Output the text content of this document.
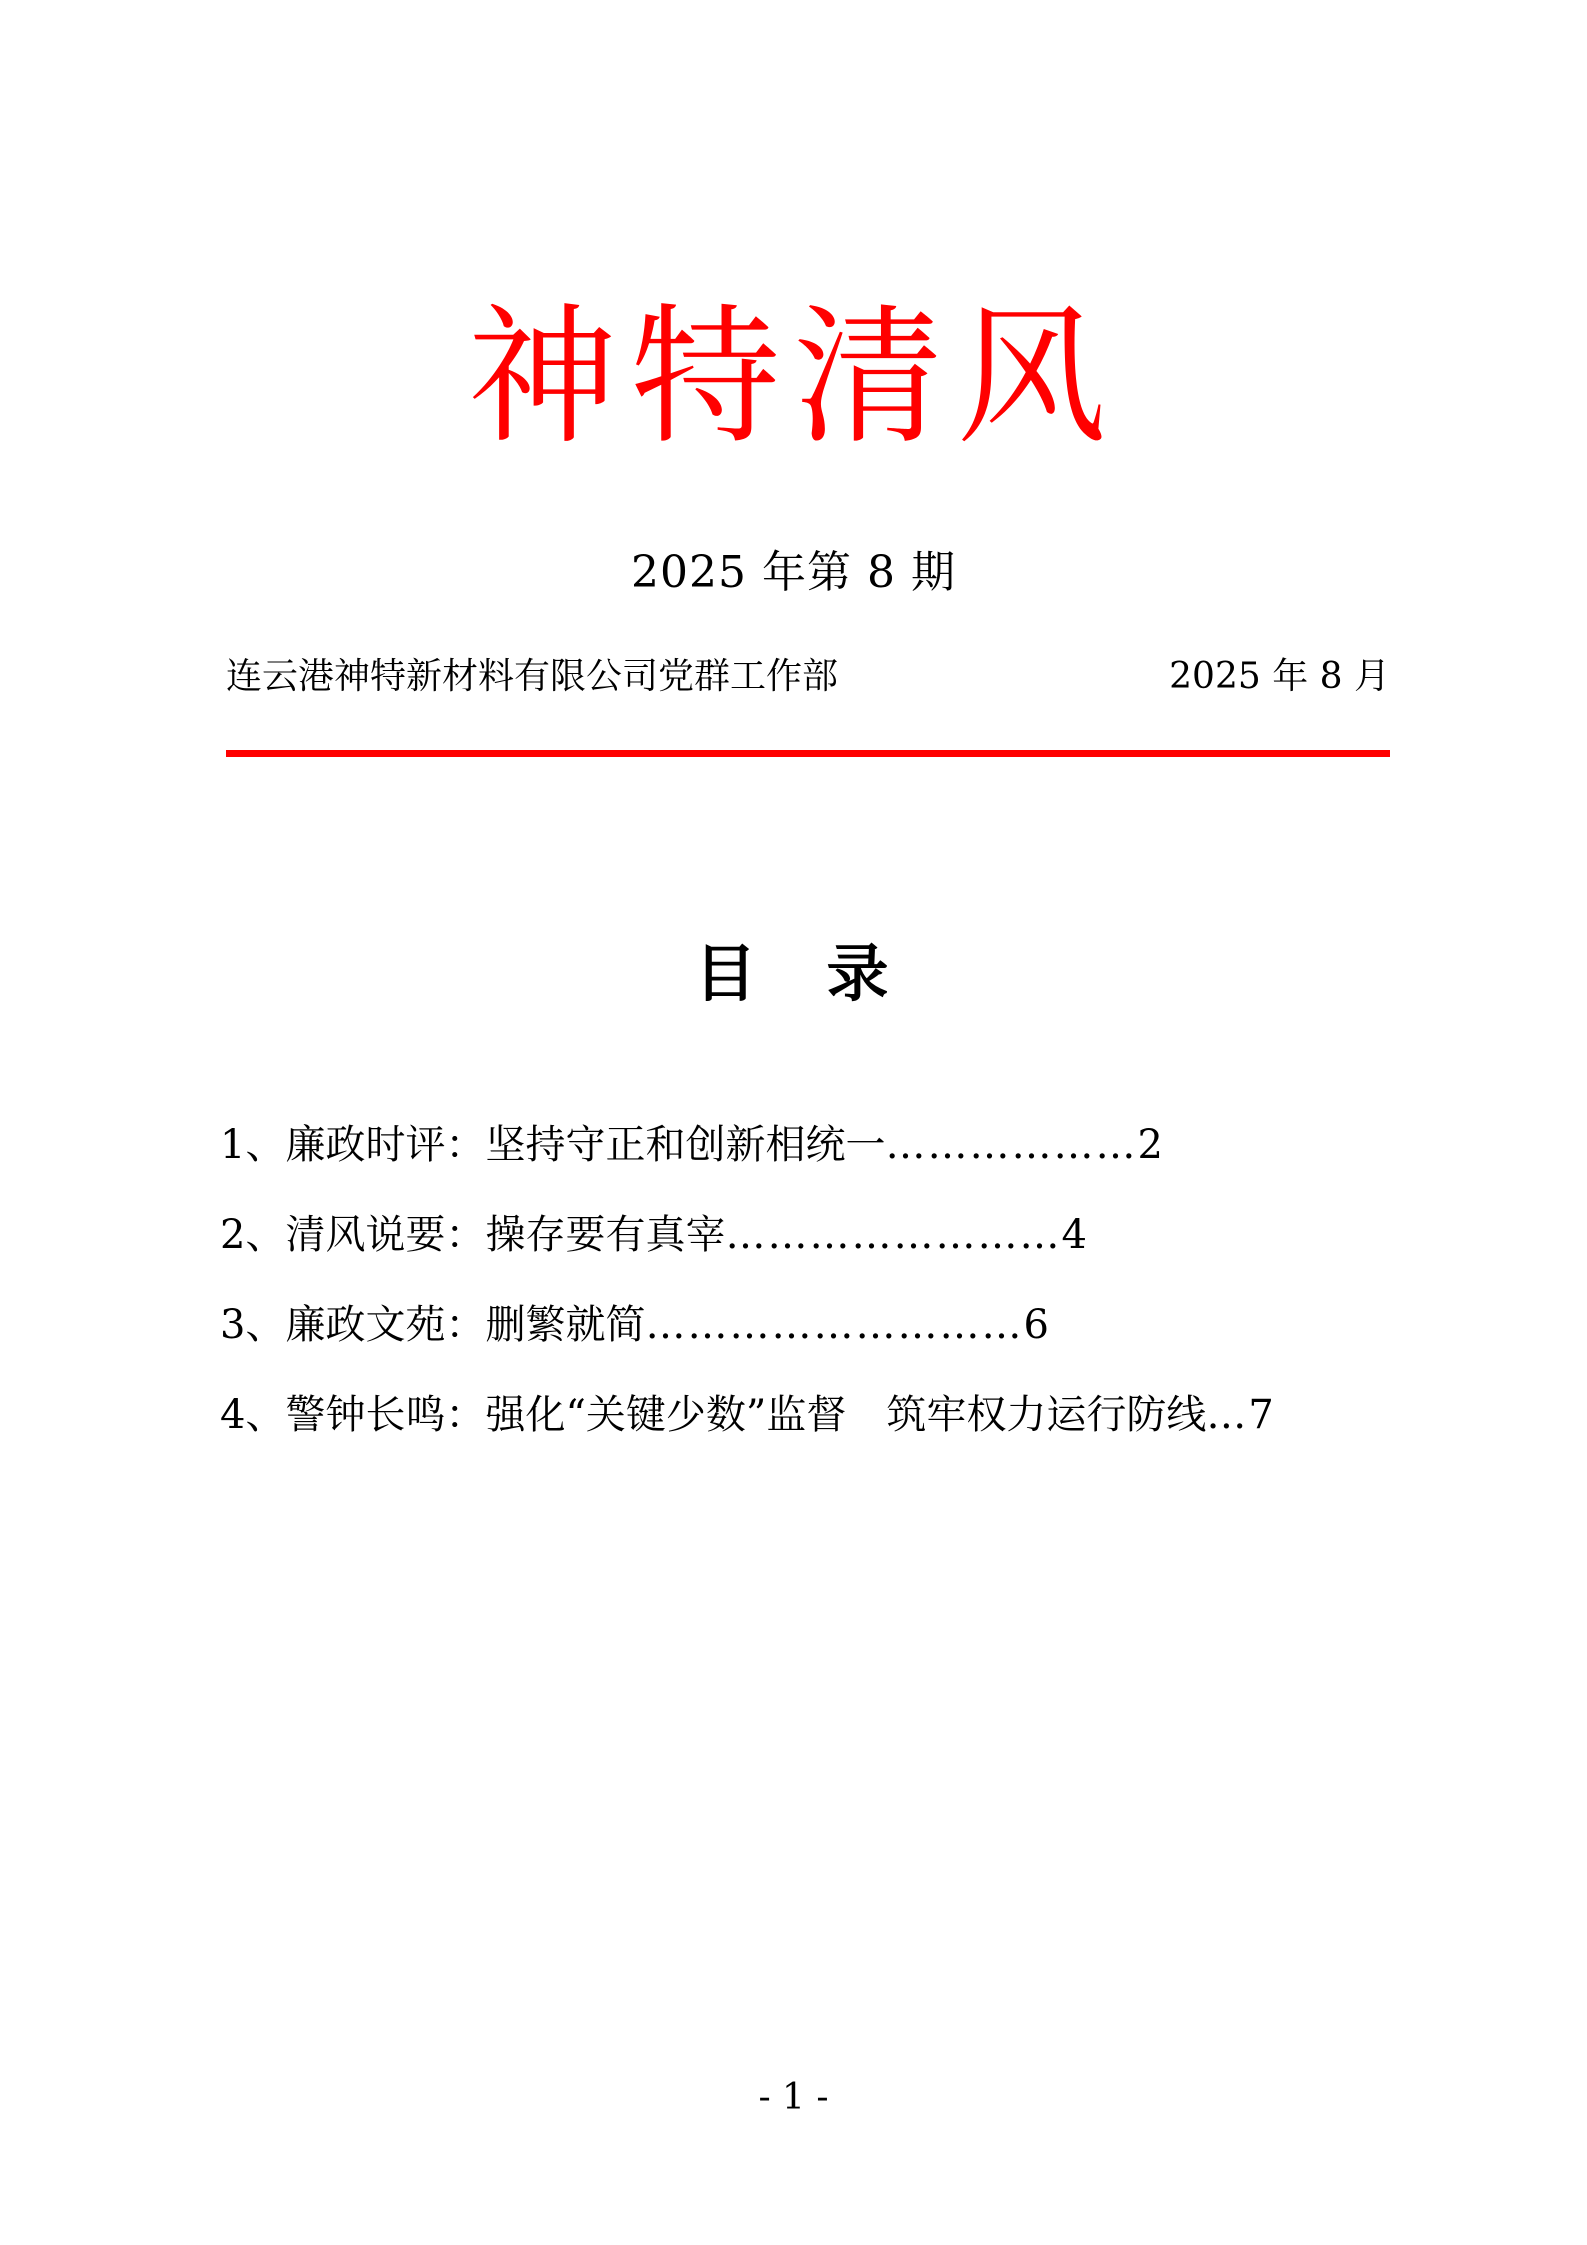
神特清风
2025 年第 8 期
连云港神特新材料有限公司党群工作部	2025 年 8 月
目　录
1、廉政时评：坚持守正和创新相统一………………2
2、清风说要：操存要有真宰……………………4
3、廉政文苑：删繁就简………………………6
4、警钟长鸣：强化“关键少数”监督　筑牢权力运行防线…7
- 1 -
